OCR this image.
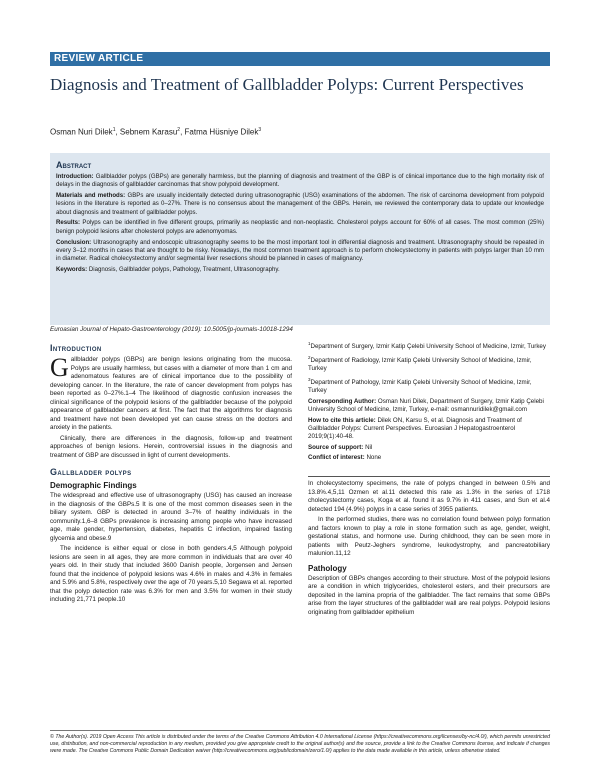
REVIEW ARTICLE
Diagnosis and Treatment of Gallbladder Polyps: Current Perspectives
Osman Nuri Dilek$^1$, Sebnem Karasu$^2$, Fatma Hüsniye Dilek$^3$
Abstract

Introduction: Gallbladder polyps (GBPs) are generally harmless, but the planning of diagnosis and treatment of the GBP is of clinical importance due to the high mortality risk of delays in the diagnosis of gallbladder carcinomas that show polypoid development.

Materials and methods: GBPs are usually incidentally detected during ultrasonographic (USG) examinations of the abdomen. The risk of carcinoma development from polypoid lesions in the literature is reported as 0–27%. There is no consensus about the management of the GBPs. Herein, we reviewed the contemporary data to update our knowledge about diagnosis and treatment of gallbladder polyps.

Results: Polyps can be identified in five different groups, primarily as neoplastic and non-neoplastic. Cholesterol polyps account for 60% of all cases. The most common (25%) benign polypoid lesions after cholesterol polyps are adenomyomas.

Conclusion: Ultrasonography and endoscopic ultrasonography seems to be the most important tool in differential diagnosis and treatment. Ultrasonography should be repeated in every 3–12 months in cases that are thought to be risky. Nowadays, the most common treatment approach is to perform cholecystectomy in patients with polyps larger than 10 mm in diameter. Radical cholecystectomy and/or segmental liver resections should be planned in cases of malignancy.

Keywords: Diagnosis, Gallbladder polyps, Pathology, Treatment, Ultrasonography.

Euroasian Journal of Hepato-Gastroenterology (2019): 10.5005/jp-journals-10018-1294
Introduction
G allbladder polyps (GBPs) are benign lesions originating from the mucosa. Polyps are usually harmless, but cases with a diameter of more than 1 cm and adenomatous features are of clinical importance due to the possibility of developing cancer. In the literature, the rate of cancer development from polyps has been reported as 0–27%.1–4 The likelihood of diagnostic confusion increases the clinical significance of the polypoid lesions of the gallbladder because of the polypoid appearance of gallbladder cancers at first. The fact that the algorithms for diagnosis and treatment have not been developed yet can cause stress on the doctors and anxiety in the patients.

Clinically, there are differences in the diagnosis, follow-up and treatment approaches of benign lesions. Herein, controversial issues in the diagnosis and treatment of GBP are discussed in light of current developments.

Gallbladder polyps
Demographic Findings

The widespread and effective use of ultrasonography (USG) has caused an increase in the diagnosis of the GBPs.5 It is one of the most common diseases seen in the biliary system. GBP is detected in around 3–7% of healthy individuals in the community.1,6–8 GBPs prevalence is increasing among people who have increased age, male gender, hypertension, diabetes, hepatitis C infection, impaired fasting glycemia and obese.9

The incidence is either equal or close in both genders.4,5 Although polypoid lesions are seen in all ages, they are more common in individuals that are over 40 years old. In their study that included 3600 Danish people, Jorgensen and Jensen found that the incidence of polypoid lesions was 4.6% in males and 4.3% in females and 5.9% and 5.8%, respectively over the age of 70 years.5,10 Segawa et al. reported that the polyp detection rate was 6.3% for men and 3.5% for women in their study including 21,771 people.10

$^1$Department of Surgery, Izmir Katip Çelebi University School of Medicine, Izmir, Turkey

$^2$Department of Radiology, Izmir Katip Çelebi University School of Medicine, Izmir, Turkey

$^3$Department of Pathology, Izmir Katip Çelebi University School of Medicine, Izmir, Turkey

Corresponding Author: Osman Nuri Dilek, Department of Surgery, Izmir Katip Çelebi University School of Medicine, Izmir, Turkey, e-mail: osmannuridilek@gmail.com

How to cite this article: Dilek ON, Karsu S, et al. Diagnosis and Treatment of Gallbladder Polyps: Current Perspectives. Euroasian J Hepatogastroenterol 2019;9(1):40-48.

Source of support: Nil

Conflict of interest: None

In cholecystectomy specimens, the rate of polyps changed in between 0.5% and 13.8%.4,5,11 Ozmen et al.11 detected this rate as 1.3% in the series of 1718 cholecystectomy cases, Koga et al. found it as 9.7% in 411 cases, and Sun et al.4 detected 194 (4.9%) polyps in a case series of 3955 patients.

In the performed studies, there was no correlation found between polyp formation and factors known to play a role in stone formation such as age, gender, weight, gestational status, and hormone use. During childhood, they can be seen more in patients with Peutz-Jeghers syndrome, leukodystrophy, and pancreatobiliary malunion.11,12

Pathology

Description of GBPs changes according to their structure. Most of the polypoid lesions are a condition in which triglycerides, cholesterol esters, and their precursors are deposited in the lamina propria of the gallbladder. The fact remains that some GBPs arise from the layer structures of the gallbladder wall are real polyps. Polypoid lesions originating from gallbladder epithelium

© The Author(s). 2019 Open Access This article is distributed under the terms of the Creative Commons Attribution 4.0 International License (https://creativecommons.org/licenses/by-nc/4.0/), which permits unrestricted use, distribution, and non-commercial reproduction in any medium, provided you give appropriate credit to the original author(s) and the source, provide a link to the Creative Commons license, and indicate if changes were made. The Creative Commons Public Domain Dedication waiver (http://creativecommons.org/publicdomain/zero/1.0/) applies to the data made available in this article, unless otherwise stated.
